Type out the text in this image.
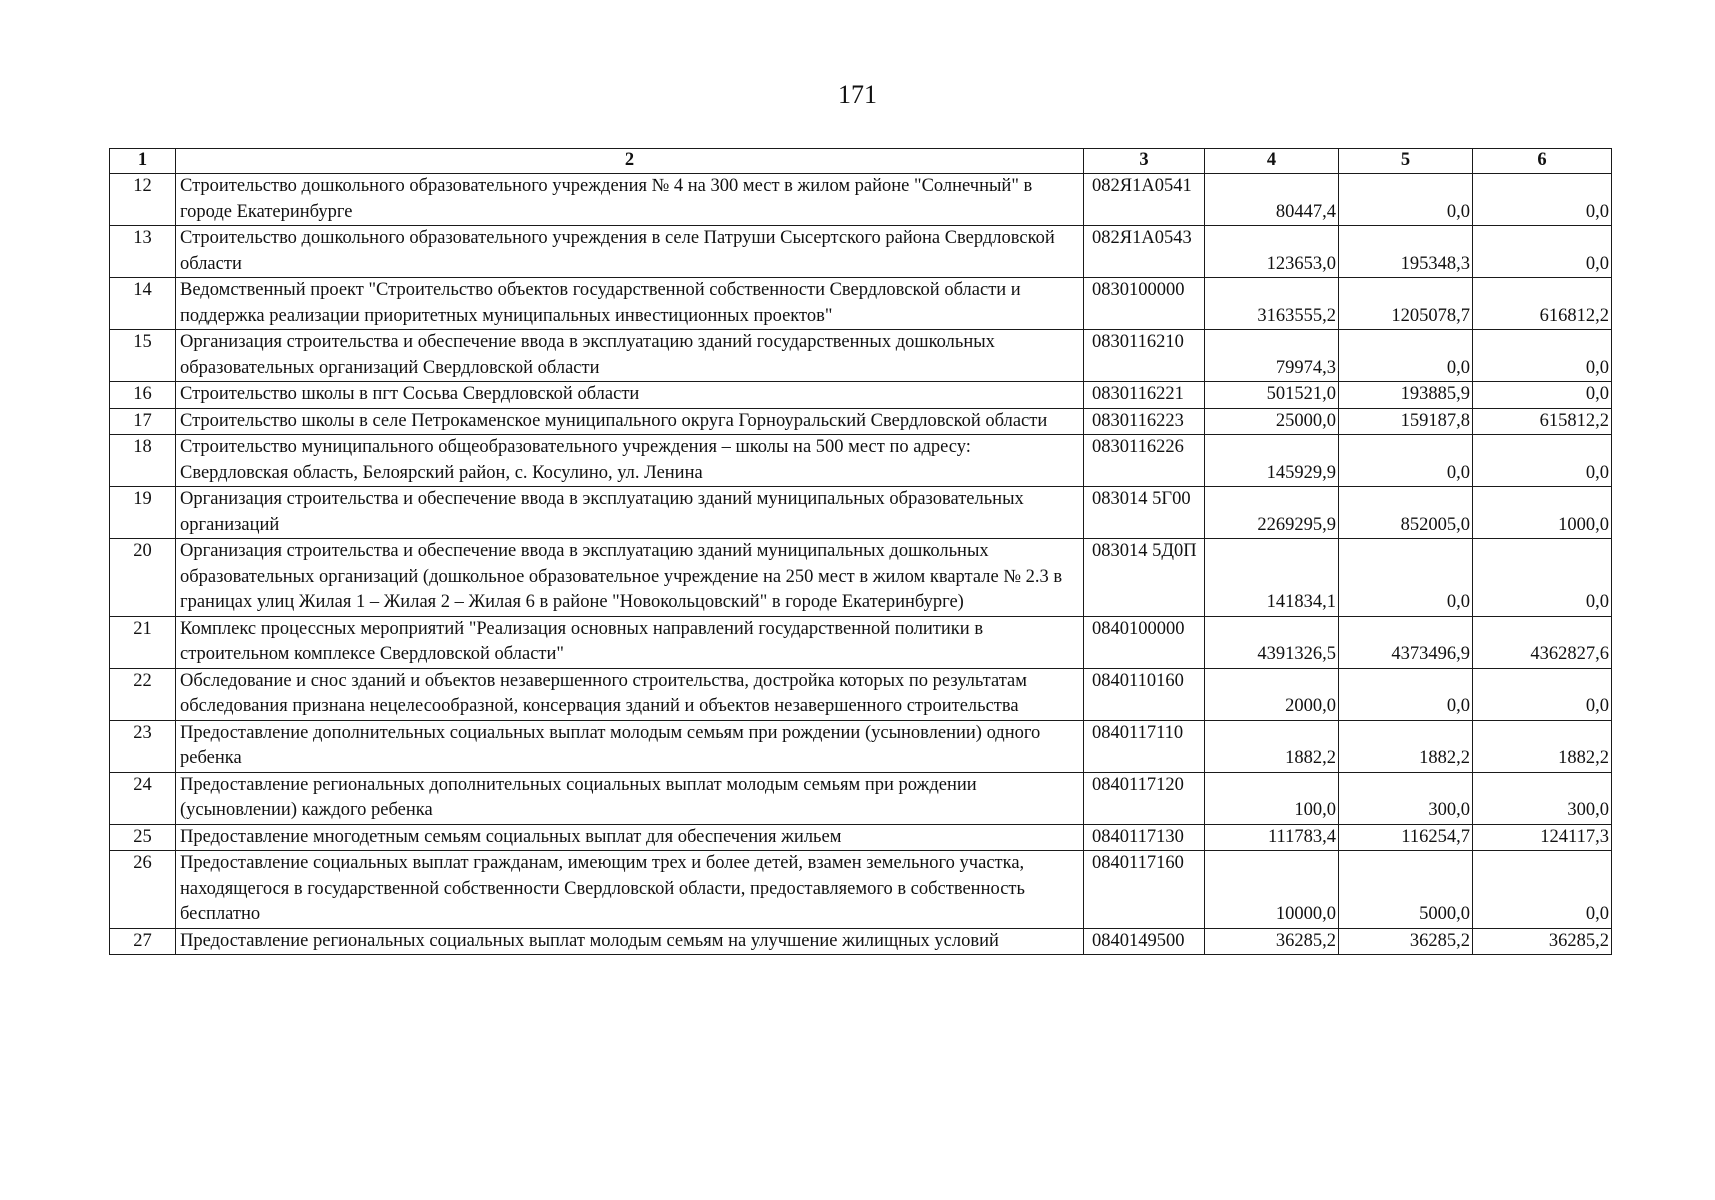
171
1	2	3	4	5	6
12	Строительство дошкольного образовательного учреждения № 4 на 300 мест в жилом районе "Солнечный" в городе Екатеринбурге	082Я1А0541	80447,4	0,0	0,0
13	Строительство дошкольного образовательного учреждения в селе Патруши Сысертского района Свердловской области	082Я1А0543	123653,0	195348,3	0,0
14	Ведомственный проект "Строительство объектов государственной собственности Свердловской области и поддержка реализации приоритетных муниципальных инвестиционных проектов"	0830100000	3163555,2	1205078,7	616812,2
15	Организация строительства и обеспечение ввода в эксплуатацию зданий государственных дошкольных образовательных организаций Свердловской области	0830116210	79974,3	0,0	0,0
16	Строительство школы в пгт Сосьва Свердловской области	0830116221	501521,0	193885,9	0,0
17	Строительство школы в селе Петрокаменское муниципального округа Горноуральский Свердловской области	0830116223	25000,0	159187,8	615812,2
18	Строительство муниципального общеобразовательного учреждения – школы на 500 мест по адресу: Свердловская область, Белоярский район, с. Косулино, ул. Ленина	0830116226	145929,9	0,0	0,0
19	Организация строительства и обеспечение ввода в эксплуатацию зданий муниципальных образовательных организаций	083014 5Г00	2269295,9	852005,0	1000,0
20	Организация строительства и обеспечение ввода в эксплуатацию зданий муниципальных дошкольных образовательных организаций (дошкольное образовательное учреждение на 250 мест в жилом квартале № 2.3 в границах улиц Жилая 1 – Жилая 2 – Жилая 6 в районе "Новокольцовский" в городе Екатеринбурге)	083014 5Д0П	141834,1	0,0	0,0
21	Комплекс процессных мероприятий "Реализация основных направлений государственной политики в строительном комплексе Свердловской области"	0840100000	4391326,5	4373496,9	4362827,6
22	Обследование и снос зданий и объектов незавершенного строительства, достройка которых по результатам обследования признана нецелесообразной, консервация зданий и объектов незавершенного строительства	0840110160	2000,0	0,0	0,0
23	Предоставление дополнительных социальных выплат молодым семьям при рождении (усыновлении) одного ребенка	0840117110	1882,2	1882,2	1882,2
24	Предоставление региональных дополнительных социальных выплат молодым семьям при рождении (усыновлении) каждого ребенка	0840117120	100,0	300,0	300,0
25	Предоставление многодетным семьям социальных выплат для обеспечения жильем	0840117130	111783,4	116254,7	124117,3
26	Предоставление социальных выплат гражданам, имеющим трех и более детей, взамен земельного участка, находящегося в государственной собственности Свердловской области, предоставляемого в собственность бесплатно	0840117160	10000,0	5000,0	0,0
27	Предоставление региональных социальных выплат молодым семьям на улучшение жилищных условий	0840149500	36285,2	36285,2	36285,2
